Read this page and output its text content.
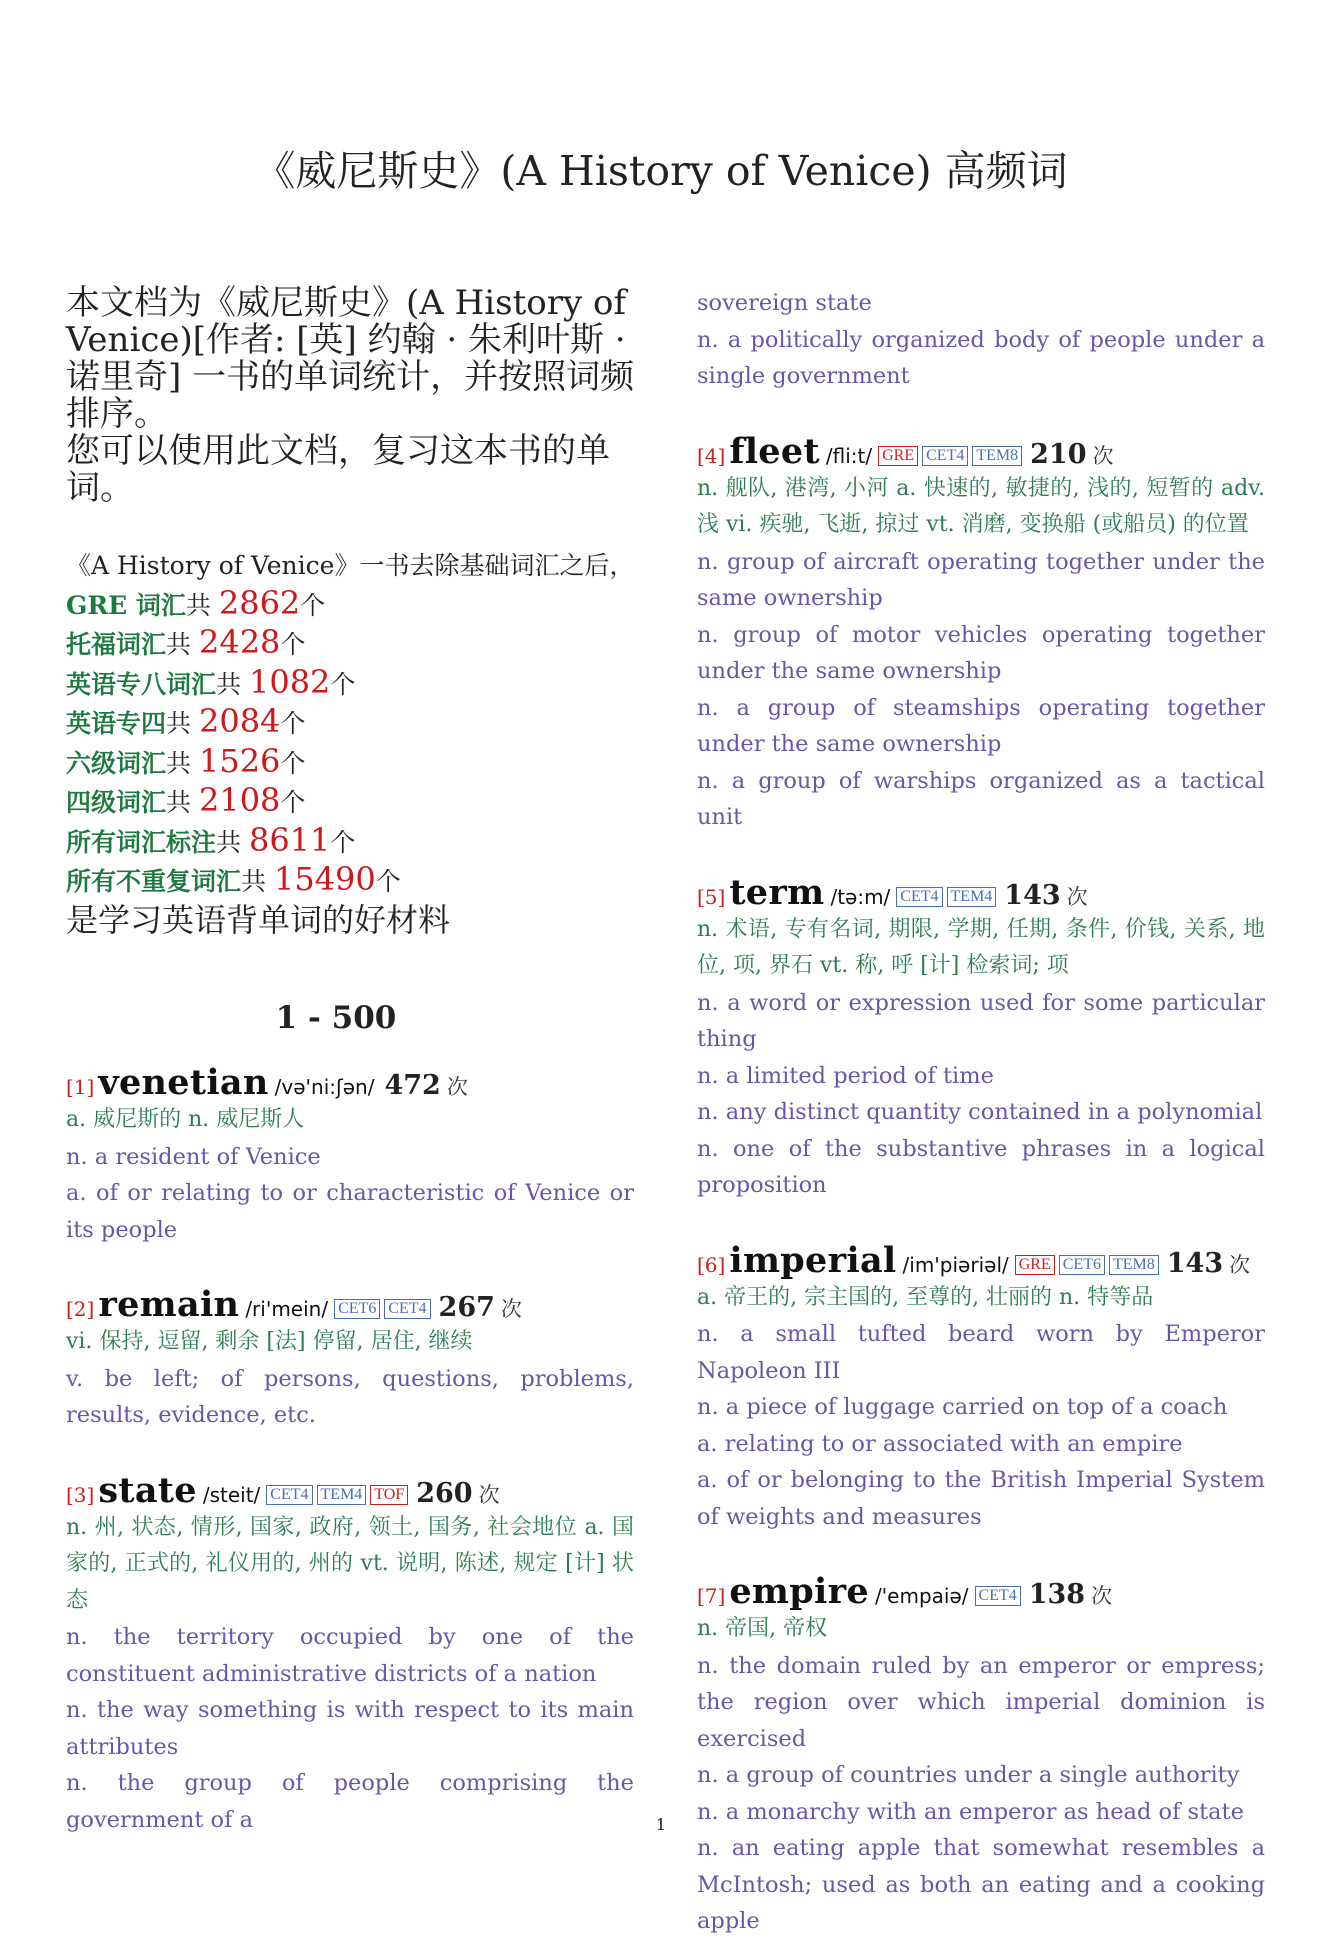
《威尼斯史》(A History of Venice) 高频词

本文档为《威尼斯史》(A History of Venice)[作者: [英] 约翰 · 朱利叶斯 · 诺里奇] 一书的单词统计，并按照词频排序。

您可以使用此文档，复习这本书的单词。

《A History of Venice》一书去除基础词汇之后，
GRE 词汇共 2862个
托福词汇共 2428个
英语专八词汇共 1082个
英语专四共 2084个
六级词汇共 1526个
四级词汇共 2108个
所有词汇标注共 8611个
所有不重复词汇共 15490个
是学习英语背单词的好材料
1 - 500
[1] venetian /və'ni:ʃən/ 472 次
a. 威尼斯的 n. 威尼斯人
n. a resident of Venice
a. of or relating to or characteristic of Venice or its people
[2] remain /ri'mein/ CET6 CET4 267 次
vi. 保持, 逗留, 剩余 [法] 停留, 居住, 继续
v. be left; of persons, questions, problems, results, evidence, etc.
[3] state /steit/ CET4 TEM4 TOF 260 次
n. 州, 状态, 情形, 国家, 政府, 领土, 国务, 社会地位 a. 国家的, 正式的, 礼仪用的, 州的 vt. 说明, 陈述, 规定 [计] 状态
n. the territory occupied by one of the constituent administrative districts of a nation
n. the way something is with respect to its main attributes
n. the group of people comprising the government of a
sovereign state
n. a politically organized body of people under a single government
[4] fleet /fli:t/ GRE CET4 TEM8 210 次
n. 舰队, 港湾, 小河 a. 快速的, 敏捷的, 浅的, 短暂的 adv. 浅 vi. 疾驰, 飞逝, 掠过 vt. 消磨, 变换船 (或船员) 的位置
n. group of aircraft operating together under the same ownership
n. group of motor vehicles operating together under the same ownership
n. a group of steamships operating together under the same ownership
n. a group of warships organized as a tactical unit
[5] term /tə:m/ CET4 TEM4 143 次
n. 术语, 专有名词, 期限, 学期, 任期, 条件, 价钱, 关系, 地位, 项, 界石 vt. 称, 呼 [计] 检索词; 项
n. a word or expression used for some particular thing
n. a limited period of time
n. any distinct quantity contained in a polynomial
n. one of the substantive phrases in a logical proposition
[6] imperial /im'piəriəl/ GRE CET6 TEM8 143 次
a. 帝王的, 宗主国的, 至尊的, 壮丽的 n. 特等品
n. a small tufted beard worn by Emperor Napoleon III
n. a piece of luggage carried on top of a coach
a. relating to or associated with an empire
a. of or belonging to the British Imperial System of weights and measures
[7] empire /'empaiə/ CET4 138 次
n. 帝国, 帝权
n. the domain ruled by an emperor or empress; the region over which imperial dominion is exercised
n. a group of countries under a single authority
n. a monarchy with an emperor as head of state
n. an eating apple that somewhat resembles a McIntosh; used as both an eating and a cooking apple
1
